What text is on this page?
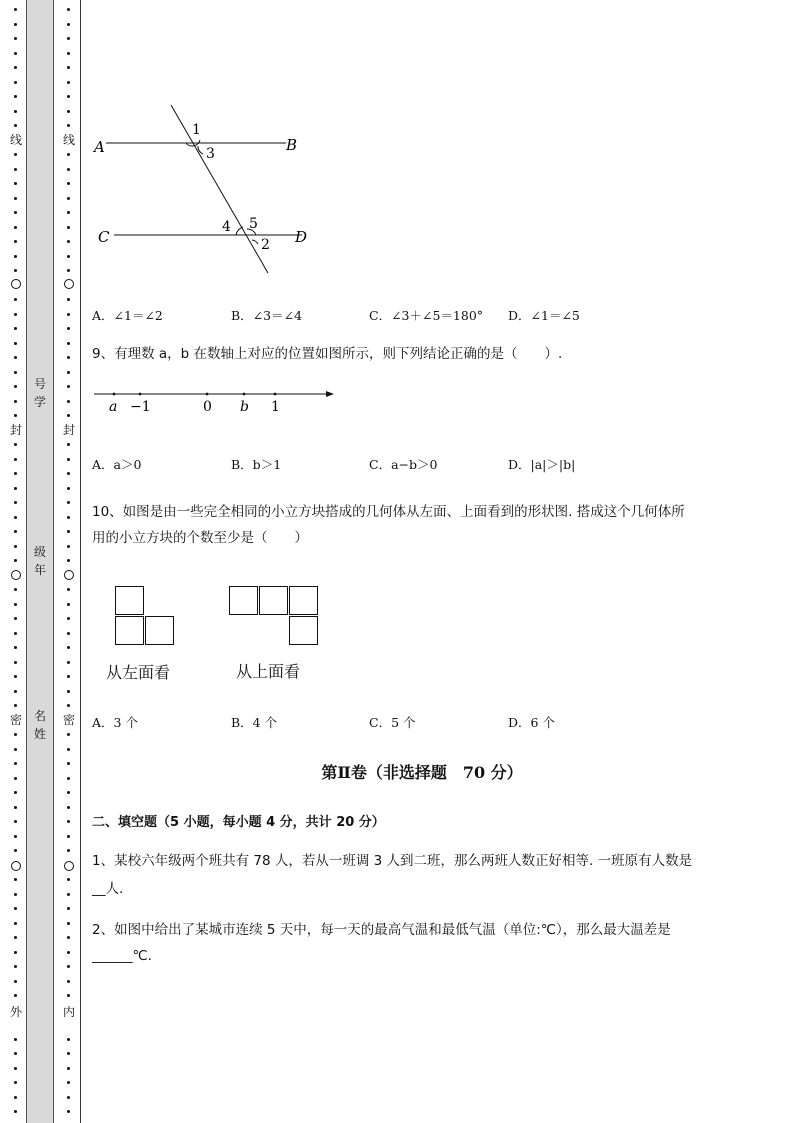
线
封
密
外
号
学
级
年
名
姓
线
封
密
内
A	B
C	D
1
3
4 5
2
A．∠1＝∠2	B．∠3＝∠4	C．∠3＋∠5＝180° D．∠1＝∠5
9、有理数 a，b 在数轴上对应的位置如图所示，则下列结论正确的是（　　）.
a −1	0 b 1
A．a＞0	B．b＞1	C．a−b＞0	D．|a|＞|b|
10、如图是由一些完全相同的小立方块搭成的几何体从左面、上面看到的形状图. 搭成这个几何体所
用的小立方块的个数至少是（　　）
从左面看	从上面看
A．3 个	B．4 个	C．5 个	D．6 个
第Ⅱ卷（非选择题　70 分）
二、填空题（5 小题，每小题 4 分，共计 20 分）
1、某校六年级两个班共有 78 人，若从一班调 3 人到二班，那么两班人数正好相等. 一班原有人数是
__人.
2、如图中给出了某城市连续 5 天中，每一天的最高气温和最低气温（单位:℃），那么最大温差是
______℃.
